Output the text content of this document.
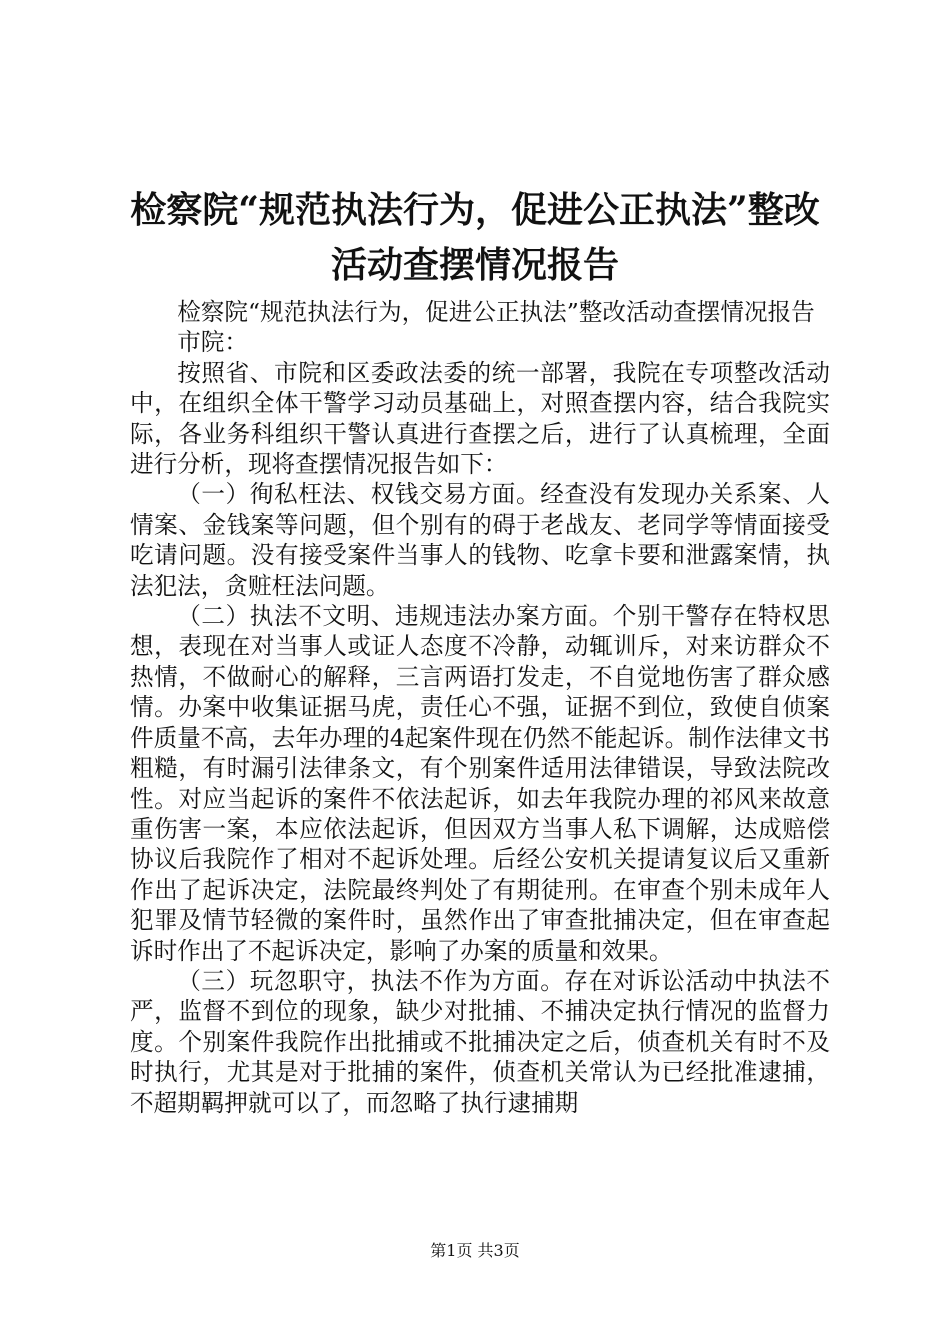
检察院“规范执法行为，促进公正执法”整改
活动查摆情况报告

检察院“规范执法行为，促进公正执法”整改活动查摆情况报告

市院：

按照省、市院和区委政法委的统一部署，我院在专项整改活动中，在组织全体干警学习动员基础上，对照查摆内容，结合我院实际，各业务科组织干警认真进行查摆之后，进行了认真梳理，全面进行分析，现将查摆情况报告如下：

（一）徇私枉法、权钱交易方面。经查没有发现办关系案、人情案、金钱案等问题，但个别有的碍于老战友、老同学等情面接受吃请问题。没有接受案件当事人的钱物、吃拿卡要和泄露案情，执法犯法，贪赃枉法问题。

（二）执法不文明、违规违法办案方面。个别干警存在特权思想，表现在对当事人或证人态度不冷静，动辄训斥，对来访群众不热情，不做耐心的解释，三言两语打发走，不自觉地伤害了群众感情。办案中收集证据马虎，责任心不强，证据不到位，致使自侦案件质量不高，去年办理的4起案件现在仍然不能起诉。制作法律文书粗糙，有时漏引法律条文，有个别案件适用法律错误，导致法院改性。对应当起诉的案件不依法起诉，如去年我院办理的祁风来故意重伤害一案，本应依法起诉，但因双方当事人私下调解，达成赔偿协议后我院作了相对不起诉处理。后经公安机关提请复议后又重新作出了起诉决定，法院最终判处了有期徒刑。在审查个别未成年人犯罪及情节轻微的案件时，虽然作出了审查批捕决定，但在审查起诉时作出了不起诉决定，影响了办案的质量和效果。

（三）玩忽职守，执法不作为方面。存在对诉讼活动中执法不严，监督不到位的现象，缺少对批捕、不捕决定执行情况的监督力度。个别案件我院作出批捕或不批捕决定之后，侦查机关有时不及时执行，尤其是对于批捕的案件，侦查机关常认为已经批准逮捕，不超期羁押就可以了，而忽略了执行逮捕期

第1页 共3页
